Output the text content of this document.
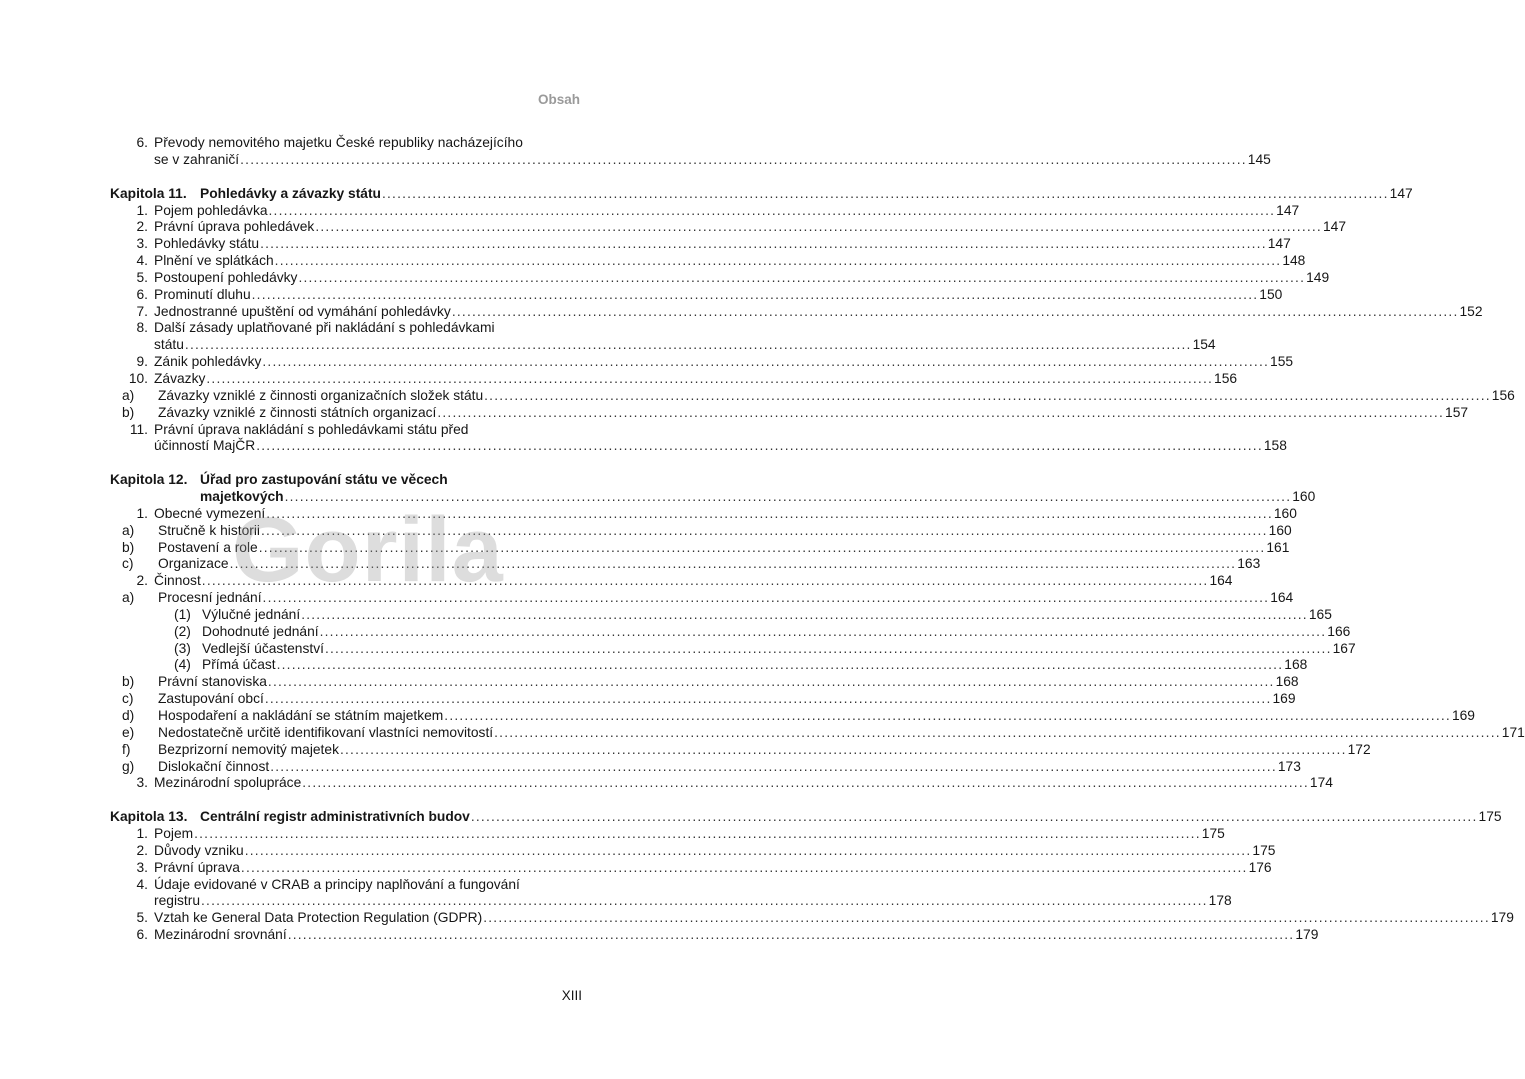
Obsah
6. Převody nemovitého majetku České republiky nacházejícího
se v zahraničí .....	145
Kapitola 11. Pohledávky a závazky státu .....	147
1. Pojem pohledávka .....	147
2. Právní úprava pohledávek .....	147
3. Pohledávky státu .....	147
4. Plnění ve splátkách .....	148
5. Postoupení pohledávky .....	149
6. Prominutí dluhu .....	150
7. Jednostranné upuštění od vymáhání pohledávky .....	152
8. Další zásady uplatňované při nakládání s pohledávkami
státu .....	154
9. Zánik pohledávky .....	155
10. Závazky .....	156
a)	Závazky vzniklé z činnosti organizačních složek státu .....	156
b)	Závazky vzniklé z činnosti státních organizací .....	157
11. Právní úprava nakládání s pohledávkami státu před
účinností MajČR .....	158
Kapitola 12. Úřad pro zastupování státu ve věcech
majetkových .....	160
1. Obecné vymezení .....	160
a)	Stručně k historii .....	160
b)	Postavení a role .....	161
c)	Organizace .....	163
2. Činnost .....	164
a)	Procesní jednání .....	164
(1) Výlučné jednání .....	165
(2) Dohodnuté jednání .....	166
(3) Vedlejší účastenství .....	167
(4) Přímá účast .....	168
b)	Právní stanoviska .....	168
c)	Zastupování obcí .....	169
d)	Hospodaření a nakládání se státním majetkem .....	169
e)	Nedostatečně určitě identifikovaní vlastníci nemovitostí .....	171
f)	Bezprizorní nemovitý majetek .....	172
g)	Dislokační činnost .....	173
3. Mezinárodní spolupráce .....	174
Kapitola 13. Centrální registr administrativních budov .....	175
1. Pojem .....	175
2. Důvody vzniku .....	175
3. Právní úprava .....	176
4. Údaje evidované v CRAB a principy naplňování a fungování
registru .....	178
5. Vztah ke General Data Protection Regulation (GDPR) .....	179
6. Mezinárodní srovnání .....	179
Gorila
XIII
